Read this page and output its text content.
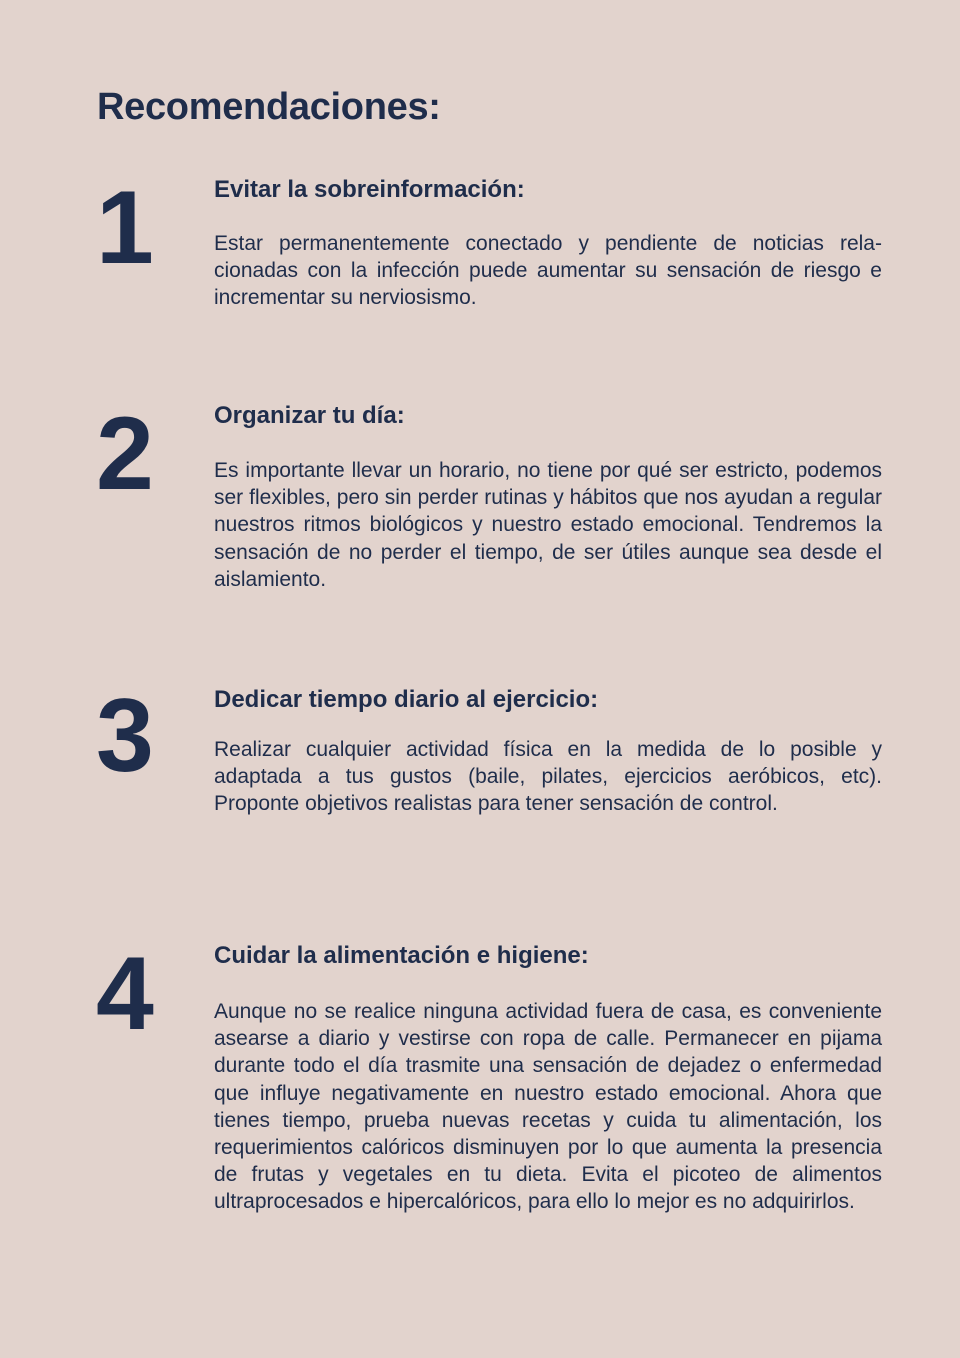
Recomendaciones:
1	Evitar la sobreinformación:

Estar permanentemente conectado y pendiente de noticias relacionadas con la infección puede aumentar su sensación de riesgo e incrementar su nerviosismo.

2	Organizar tu día:

Es importante llevar un horario, no tiene por qué ser estricto, podemos ser flexibles, pero sin perder rutinas y hábitos que nos ayudan a regular nuestros ritmos biológicos y nuestro estado emocional. Tendremos la sensación de no perder el tiempo, de ser útiles aunque sea desde el aislamiento.

3	Dedicar tiempo diario al ejercicio:

Realizar cualquier actividad física en la medida de lo posible y adaptada a tus gustos (baile, pilates, ejercicios aeróbicos, etc). Proponte objetivos realistas para tener sensación de control.

4	Cuidar la alimentación e higiene:

Aunque no se realice ninguna actividad fuera de casa, es conveniente asearse a diario y vestirse con ropa de calle. Permanecer en pijama durante todo el día trasmite una sensación de dejadez o enfermedad que influye negativamente en nuestro estado emocional. Ahora que tienes tiempo, prueba nuevas recetas y cuida tu alimentación, los requerimientos calóricos disminuyen por lo que aumenta la presencia de frutas y vegetales en tu dieta. Evita el picoteo de alimentos ultraprocesados e hipercalóricos, para ello lo mejor es no adquirirlos.
